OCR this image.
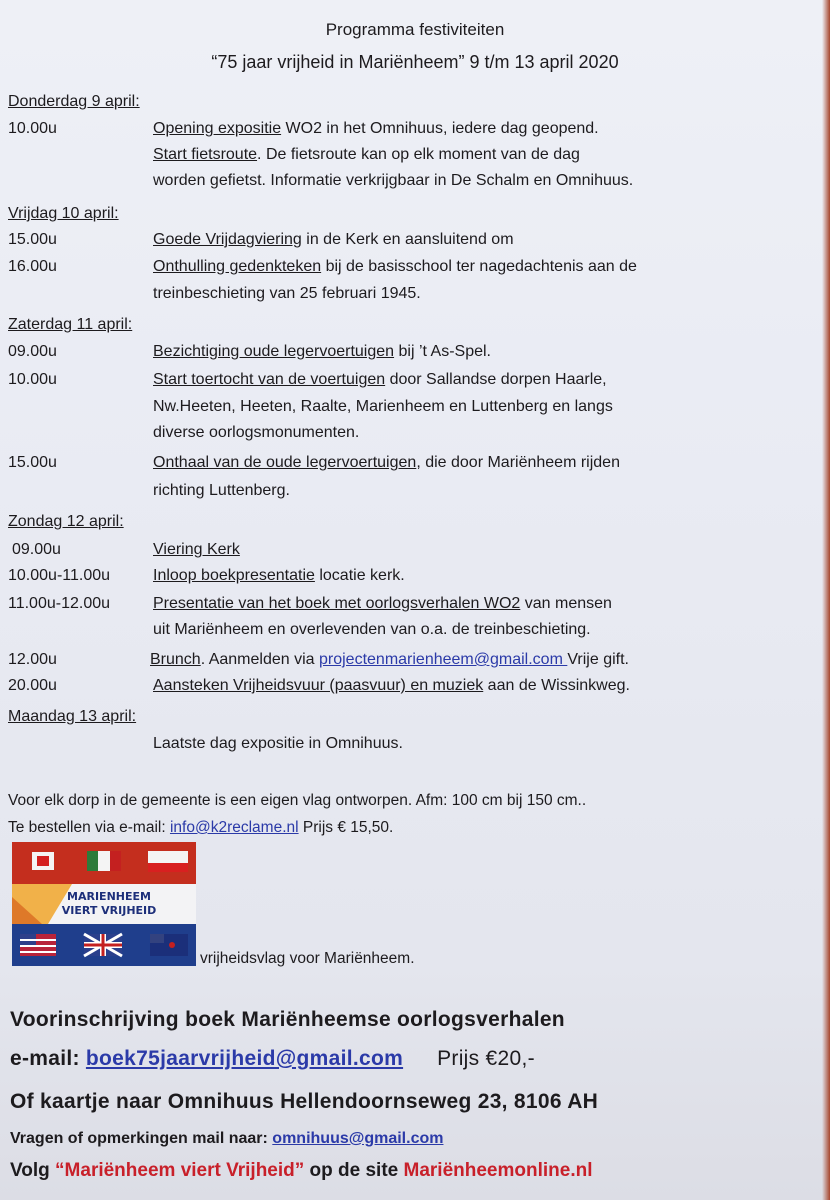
Programma festiviteiten
“75 jaar vrijheid in Mariënheem” 9 t/m 13 april 2020
Donderdag 9 april:
10.00u	Opening expositie WO2 in het Omnihuus, iedere dag geopend.
Start fietsroute. De fietsroute kan op elk moment van de dag
worden gefietst. Informatie verkrijgbaar in De Schalm en Omnihuus.
Vrijdag 10 april:
15.00u	Goede Vrijdagviering in de Kerk en aansluitend om
16.00u	Onthulling gedenkteken bij de basisschool ter nagedachtenis aan de
treinbeschieting van 25 februari 1945.
Zaterdag 11 april:
09.00u	Bezichtiging oude legervoertuigen bij ’t As-Spel.
10.00u	Start toertocht van de voertuigen door Sallandse dorpen Haarle,
Nw.Heeten, Heeten, Raalte, Marienheem en Luttenberg en langs
diverse oorlogsmonumenten.
15.00u	Onthaal van de oude legervoertuigen, die door Mariënheem rijden
richting Luttenberg.
Zondag 12 april:
09.00u	Viering Kerk
10.00u-11.00u	Inloop boekpresentatie locatie kerk.
11.00u-12.00u	Presentatie van het boek met oorlogsverhalen WO2 van mensen
uit Mariënheem en overlevenden van o.a. de treinbeschieting.
12.00u	Brunch. Aanmelden via projectenmarienheem@gmail.com Vrije gift.
20.00u	Aansteken Vrijheidsvuur (paasvuur) en muziek aan de Wissinkweg.
Maandag 13 april:
Laatste dag expositie in Omnihuus.
Voor elk dorp in de gemeente is een eigen vlag ontworpen. Afm: 100 cm bij 150 cm..
Te bestellen via e-mail: info@k2reclame.nl Prijs € 15,50.
MARIENHEEM
VIERT VRIJHEID
vrijheidsvlag voor Mariënheem.
Voorinschrijving boek Mariënheemse oorlogsverhalen
e-mail: boek75jaarvrijheid@gmail.com Prijs €20,-
Of kaartje naar Omnihuus Hellendoornseweg 23, 8106 AH
Vragen of opmerkingen mail naar: omnihuus@gmail.com
Volg “Mariënheem viert Vrijheid” op de site Mariënheemonline.nl
